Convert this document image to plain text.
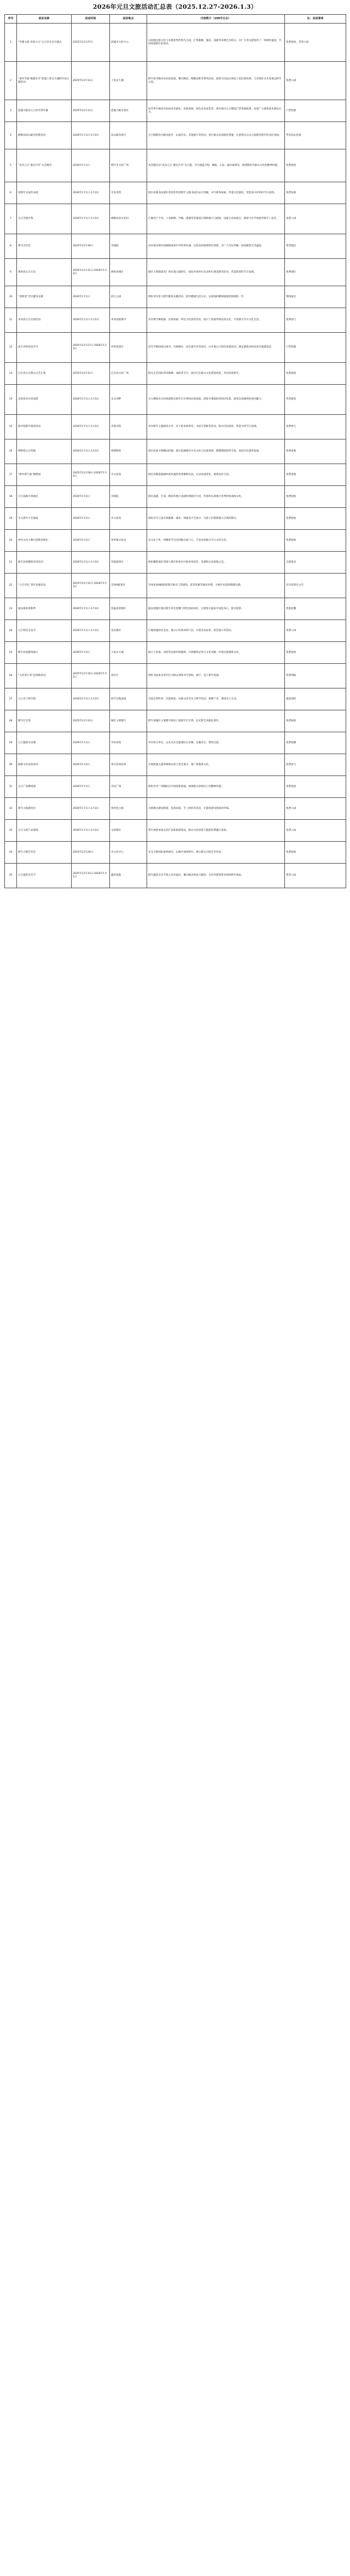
2026年元旦文旅活动汇总表（2025.12.27-2026.1.3）
序号	活动名称	活动时间	活动地点	内容简介（100字左右）	注、具体事项
1	“冬暖文旅 喜迎元旦”元旦音乐会开幕式	2025年12月27日	恩施市文化中心	以恩施民族文化与本地优秀传统为主线，汇集歌舞、器乐、戏曲等多种艺术形式，向广大市民游客奉上一场视听盛宴，共同迎接新年的到来。	免费观看，凭票入场
2	“嘉年华游 畅游乐享”恩施土家女儿城跨年夜主题活动	2025年12月31日	土家女儿城	跨年夜当晚举办民俗巡游、篝火晚会、倒数迎新等系列活动，游客可沉浸式体验土家民俗风情，与亲朋好友共度难忘跨年之夜。	免费入场
3	恩施大峡谷元旦冰雪季开幕	2025年12月31日	恩施大峡谷景区	冰雪季开幕活动包括冰雪游乐、民俗表演、特色美食品鉴等，景区推出元旦期间门票优惠政策，欢迎广大游客前来游玩打卡。	门票优惠
4	鹤峰县屏山峡谷迎新活动	2026年1月1日-1月3日	屏山峡谷景区	元旦假期举办峡谷徒步、山地音乐、非遗展示等活动，景区推出多项惠民措施，让游客在山水之间感受新年的美好氛围。	凭身份证优惠
5	“欢乐元旦 惠民共享”文艺晚会	2026年1月1日	利川市文化广场	本次晚会以“欢乐元旦 惠民共享”为主题，节目涵盖合唱、舞蹈、小品、器乐演奏等，展现新时代群众文化的精神风貌。	免费观看
6	迎新年书法作品展	2026年1月1日-1月3日	市美术馆	展出本地书法爱好者创作的迎新年主题书法作品百余幅，书写新春祝福，传递文化温度，营造喜庆祥和的节日氛围。	免费参观
7	元旦非遗市集	2026年1月1日-1月3日	硒都民俗文化村	汇聚西兰卡普、土家刺绣、竹编、漆器等非遗项目现场展示与展销，设置互动体验区，游客可亲手体验传统手工技艺。	免费入场
8	新年音乐会	2025年12月30日	市剧院	由本地交响乐团倾情演奏中外经典名曲，以优美的旋律辞旧迎新，为广大市民奉献一场高雅的艺术盛宴。	售票演出
9	建始县元旦灯会	2025年12月31日-2026年1月3日	建始县城区	城区主要街道及广场布置主题彩灯，夜间开展亮灯仪式和灯谜竞猜等活动，营造浓厚的节日氛围。	免费观灯
10	“迎新春”全民健身长跑	2026年1月1日	滨江公园	组织市民参与新年健身长跑活动，倡导健康生活方式，以昂扬的精神面貌迎接新的一年。	现场报名
11	来凤县元旦民俗活动	2026年1月1日-1月2日	来凤县仙佛寺	举办摆手舞展演、民俗祈福、特色小吃展等活动，展示土家族传统民俗文化，丰富群众节日文化生活。	免费参与
12	咸丰坪坝营冰雪节	2025年12月27日-2026年1月3日	坪坝营景区	冰雪节期间推出滑雪、雪地摩托、冰雪嘉年华等项目，并开展元旦特色优惠活动，满足游客多样化冰雪旅游需求。	门票优惠
13	巴东县元旦群众文艺汇演	2025年12月31日	巴东县文化广场	群众文艺团队带来歌舞、戏曲等节目，展示巴东群众文化建设成果，共同喜迎新年。	免费观看
14	宣恩县贡水河夜游	2026年1月1日-1月3日	贡水河畔	元旦期间贡水河夜游推出新年灯光秀和民俗表演，游客可乘船欣赏两岸夜景，感受宣恩独特的夜色魅力。	凭票游览
15	图书馆新年阅读活动	2026年1月1日-1月3日	市图书馆	举办新年主题阅读分享、亲子绘本故事会、书法写春联等活动，推动全民阅读，营造书香节日氛围。	免费参与
16	博物馆元旦特展	2026年1月1日-1月3日	州博物馆	推出民族文物精品特展，展示恩施地区历史文化与民族风情，假期期间照常开放，欢迎市民游客参观。	免费参观
17	“新年新气象”摄影展	2025年12月28日-2026年1月3日	市文化馆	展出反映恩施城乡新风貌的优秀摄影作品，记录发展变化，展现美好生活。	免费参观
18	元旦戏曲专场演出	2026年1月2日	市剧院	演出南剧、灯戏、傩戏等地方戏曲经典剧目片段，传承和弘扬地方优秀传统戏曲文化。	免费观看
19	少儿新年才艺展演	2026年1月2日	市文化馆	组织少年儿童开展歌舞、器乐、朗诵等才艺展示，为孩子们搭建展示自我的舞台。	免费观看
20	乡村文化大舞台迎新春演出	2026年1月2日	各乡镇文化站	送文化下乡，将精彩节目送到群众家门口，丰富农村群众节日文化生活。	免费观看
21	新年民俗摄影采风活动	2026年1月1日-1月3日	各旅游景区	组织摄影爱好者深入景区和乡村开展采风创作，发现和记录恩施之美。	自愿报名
22	“元旦有礼”景区优惠活动	2025年12月31日-2026年1月3日	全州A级景区	全州多家A级旅游景区推出门票减免、套票优惠等惠民举措，方便市民游客假期出游。	详见各景区公告
23	温泉康养迎新季	2026年1月1日-1月3日	各温泉度假区	温泉度假区推出新年养生套餐与特色体验项目，让游客在温泉中放松身心、辞旧迎新。	优惠套餐
24	元旦特色美食节	2026年1月1日-1月3日	美食街区	汇聚恩施特色美食、地方小吃和农特产品，开展美食品鉴、厨艺展示等活动。	免费入场
25	新年民族服饰展示	2026年1月2日	土家女儿城	展示土家族、苗族等民族传统服饰，开展服饰走秀与文化讲解，传承民族服饰文化。	免费观看
26	“文化进万家”送春联活动	2025年12月30日-2026年1月2日	各社区	组织书法家走进社区为群众现场书写春联、福字，送上新年祝福。	免费领取
27	元旦亲子研学游	2026年1月1日-1月3日	研学实践基地	开展自然科普、非遗体验、农耕文化等亲子研学活动，寓教于乐，增进亲子互动。	提前预约
28	新年灯光秀	2025年12月31日	城区主要楼宇	跨年夜城区主要楼宇联动上演新年灯光秀，以光影艺术献礼新年。	免费观看
29	元旦篮球友谊赛	2026年1月1日	市体育馆	举办机关单位、企业及社会篮球队友谊赛，以赛会友，增进交流。	免费观赛
30	硒茶文化品鉴活动	2026年1月2日	茶文化体验馆	开展恩施玉露等硒茶品鉴与茶艺展示，推广恩施茶文化。	免费参与
31	元旦广场舞展演	2026年1月1日	市民广场	组织全市广场舞队伍开展迎新展演，展现群众昂扬向上的精神风貌。	免费观看
32	新年古镇游园会	2026年1月1日-1月3日	各特色古镇	古镇推出游园猜谜、民俗表演、手工体验等活动，让游客感受浓浓的年味。	免费入场
33	元旦文创产品展销	2026年1月1日-1月3日	文创街区	集中展销本地文创产品和旅游商品，推动文化创意与旅游消费融合发展。	免费入场
34	新年合唱音乐会	2025年12月29日	市文化中心	多支合唱团队联袂演出，以歌声迎接新年，展示群众合唱艺术风采。	免费观看
35	元旦露营音乐节	2025年12月31日-2026年1月1日	露营基地	跨年露营音乐节集合音乐演出、篝火晚会和星空露营，为年轻游客带来别样跨年体验。	售票入场
